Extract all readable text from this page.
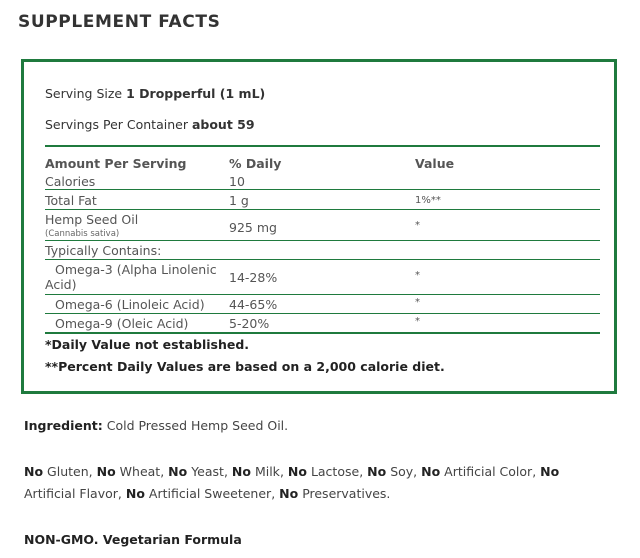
SUPPLEMENT FACTS
Serving Size 1 Dropperful (1 mL)
Servings Per Container about 59
Amount Per Serving	% Daily	Value
Calories	10
Total Fat	1 g	1%**
Hemp Seed Oil
(Cannabis sativa)	925 mg	*
Typically Contains:
Omega-3 (Alpha Linolenic
Acid)	14-28%	*
Omega-6 (Linoleic Acid) 44-65%	*
Omega-9 (Oleic Acid)	5-20%	*
*Daily Value not established.
**Percent Daily Values are based on a 2,000 calorie diet.
Ingredient: Cold Pressed Hemp Seed Oil.
No Gluten, No Wheat, No Yeast, No Milk, No Lactose, No Soy, No Artificial Color, No Artificial Flavor, No Artificial Sweetener, No Preservatives.
NON-GMO. Vegetarian Formula
